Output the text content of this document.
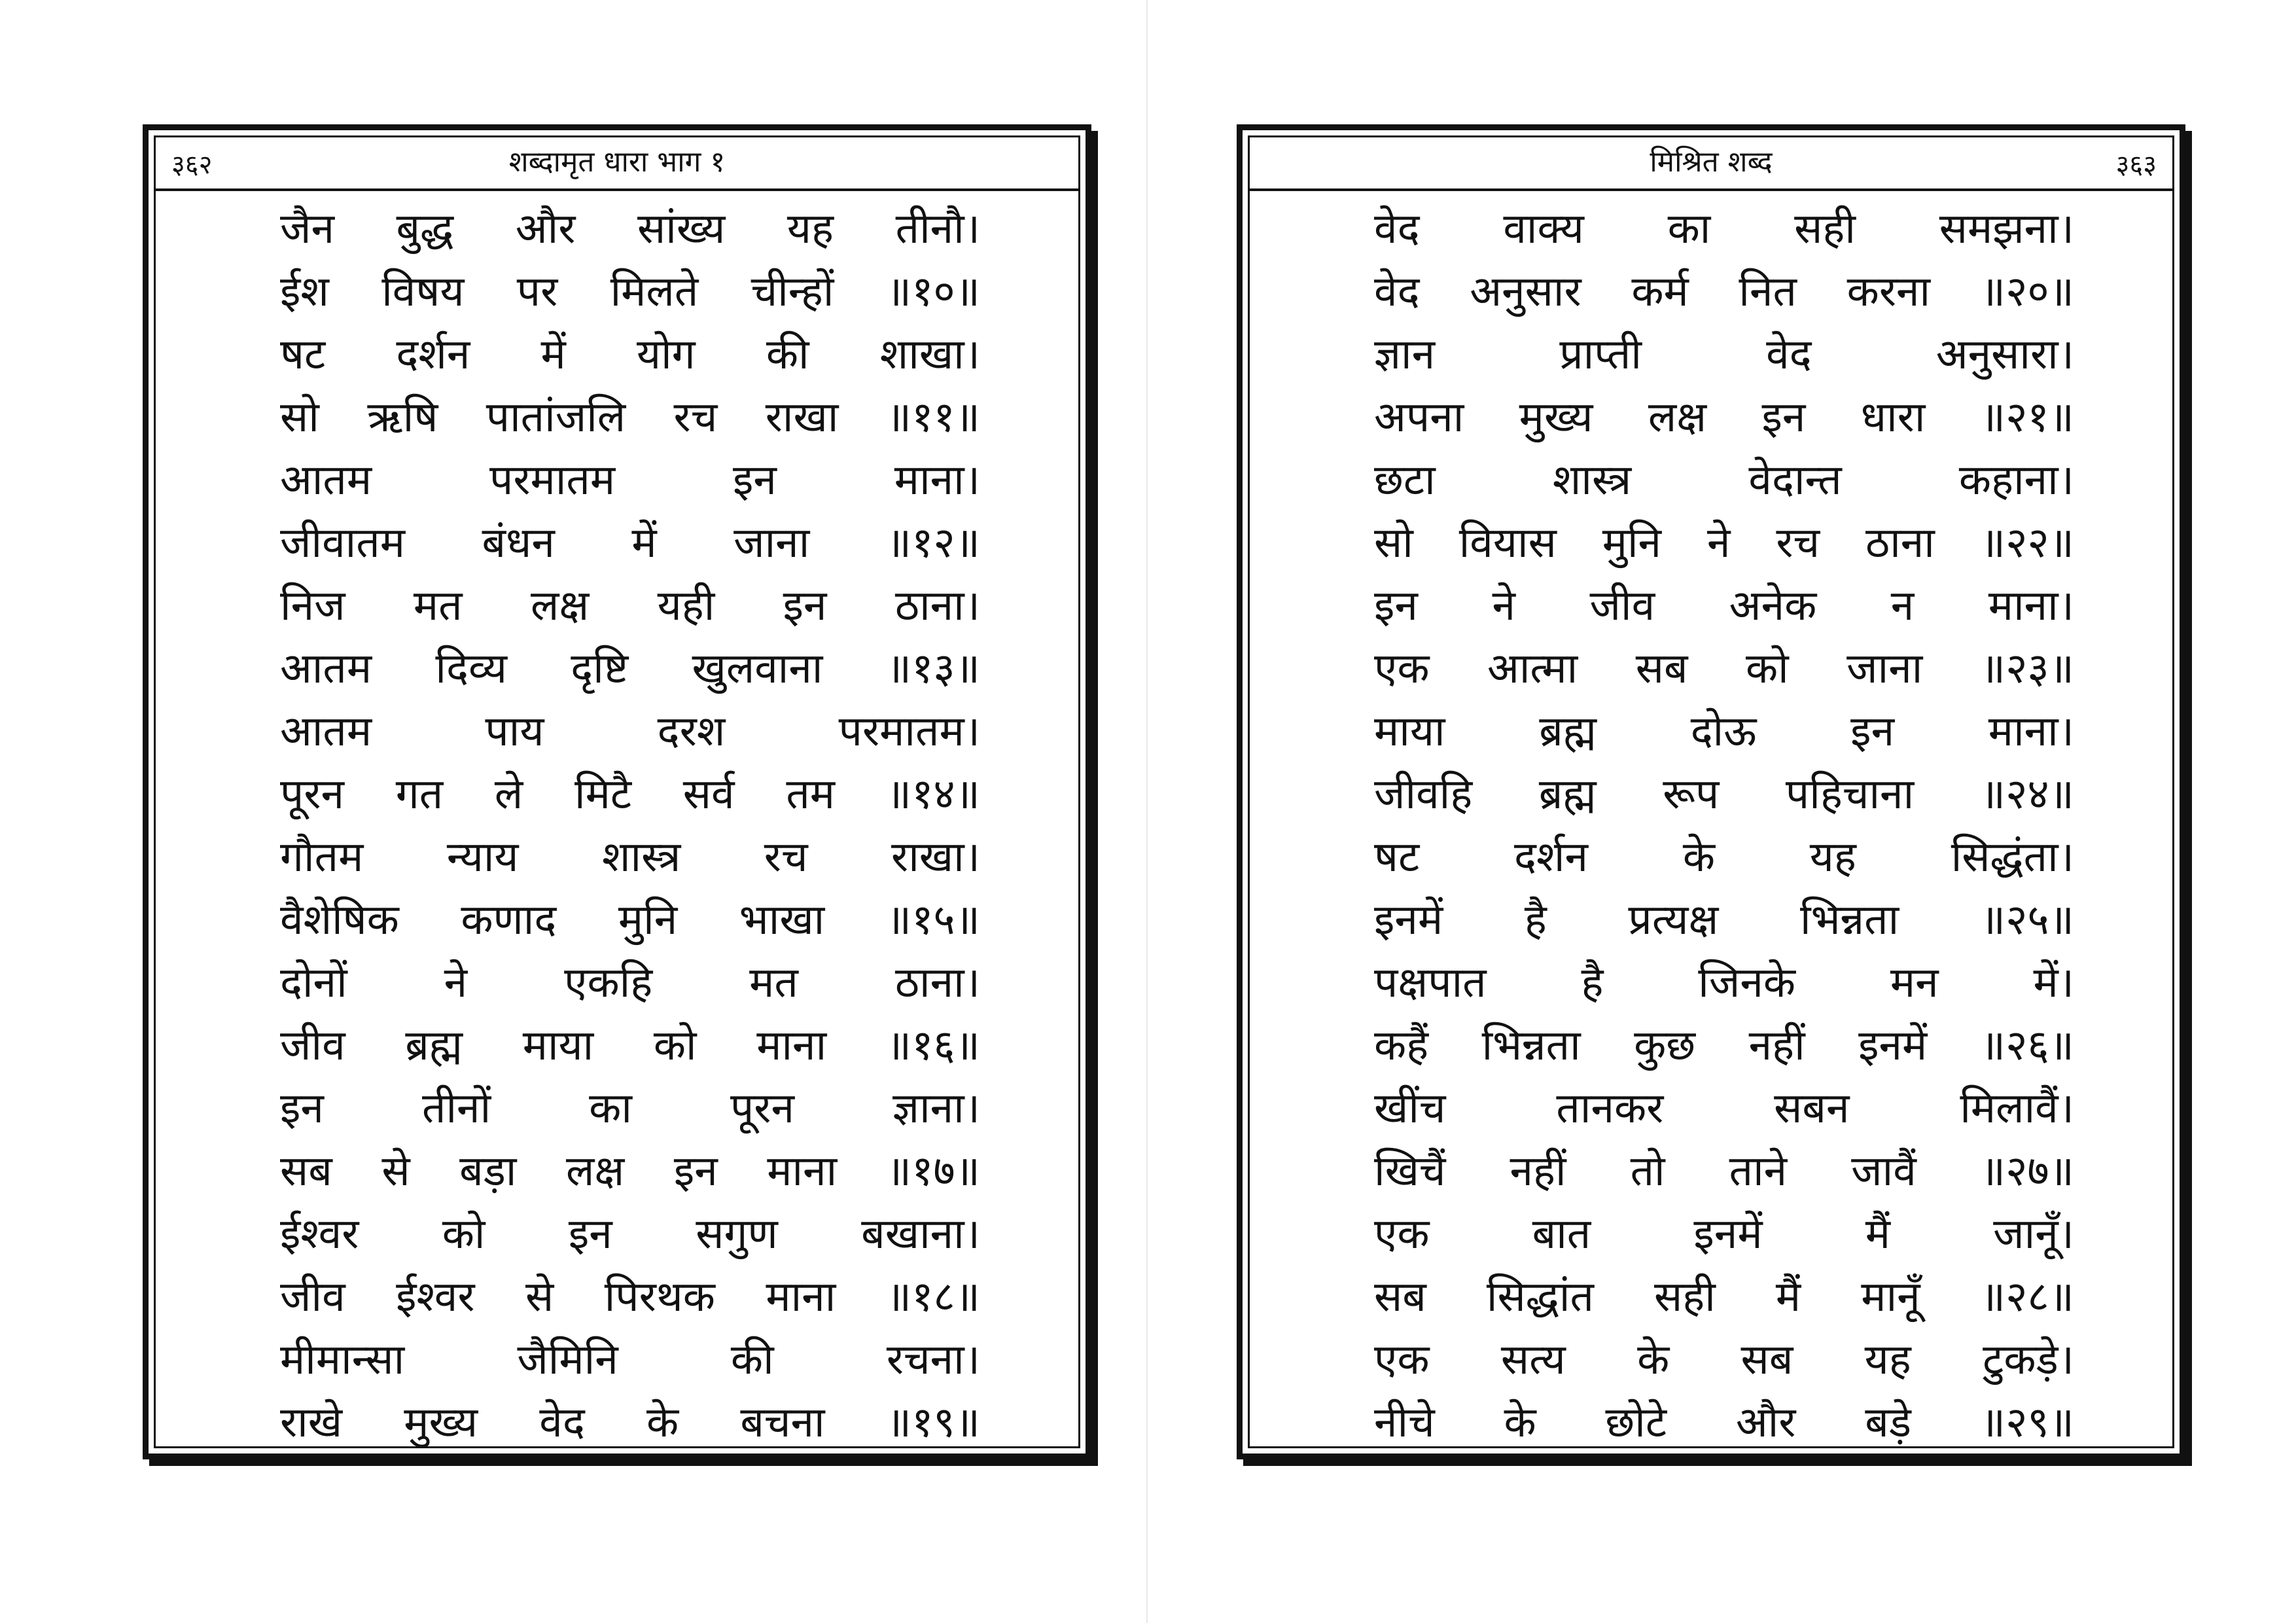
३६२	शब्दामृत धारा भाग १
जैन बुद्ध और सांख्य यह तीनौ।
ईश विषय पर मिलते चीन्हों ॥१०॥
षट दर्शन में योग की शाखा।
सो ऋषि पातांजलि रच राखा ॥११॥
आतम परमातम इन माना।
जीवातम बंधन में जाना ॥१२॥
निज मत लक्ष यही इन ठाना।
आतम दिव्य दृष्टि खुलवाना ॥१३॥
आतम पाय दरश परमातम।
पूरन गत ले मिटै सर्व तम ॥१४॥
गौतम न्याय शास्त्र रच राखा।
वैशेषिक कणाद मुनि भाखा ॥१५॥
दोनों ने एकहि मत ठाना।
जीव ब्रह्म माया को माना ॥१६॥
इन तीनों का पूरन ज्ञाना।
सब से बड़ा लक्ष इन माना ॥१७॥
ईश्वर को इन सगुण बखाना।
जीव ईश्वर से पिरथक माना ॥१८॥
मीमान्सा जैमिनि की रचना।
राखे मुख्य वेद के बचना ॥१९॥
मिश्रित शब्द	३६३
वेद वाक्य का सही समझना।
वेद अनुसार कर्म नित करना ॥२०॥
ज्ञान प्राप्ती वेद अनुसारा।
अपना मुख्य लक्ष इन धारा ॥२१॥
छटा शास्त्र वेदान्त कहाना।
सो वियास मुनि ने रच ठाना ॥२२॥
इन ने जीव अनेक न माना।
एक आत्मा सब को जाना ॥२३॥
माया ब्रह्म दोऊ इन माना।
जीवहि ब्रह्म रूप पहिचाना ॥२४॥
षट दर्शन के यह सिद्धंता।
इनमें है प्रत्यक्ष भिन्नता ॥२५॥
पक्षपात है जिनके मन में।
कहैं भिन्नता कुछ नहीं इनमें ॥२६॥
खींच तानकर सबन मिलावैं।
खिचैं नहीं तो ताने जावैं ॥२७॥
एक बात इनमें मैं जानूँ।
सब सिद्धांत सही मैं मानूँ ॥२८॥
एक सत्य के सब यह टुकड़े।
नीचे के छोटे और बड़े ॥२९॥
